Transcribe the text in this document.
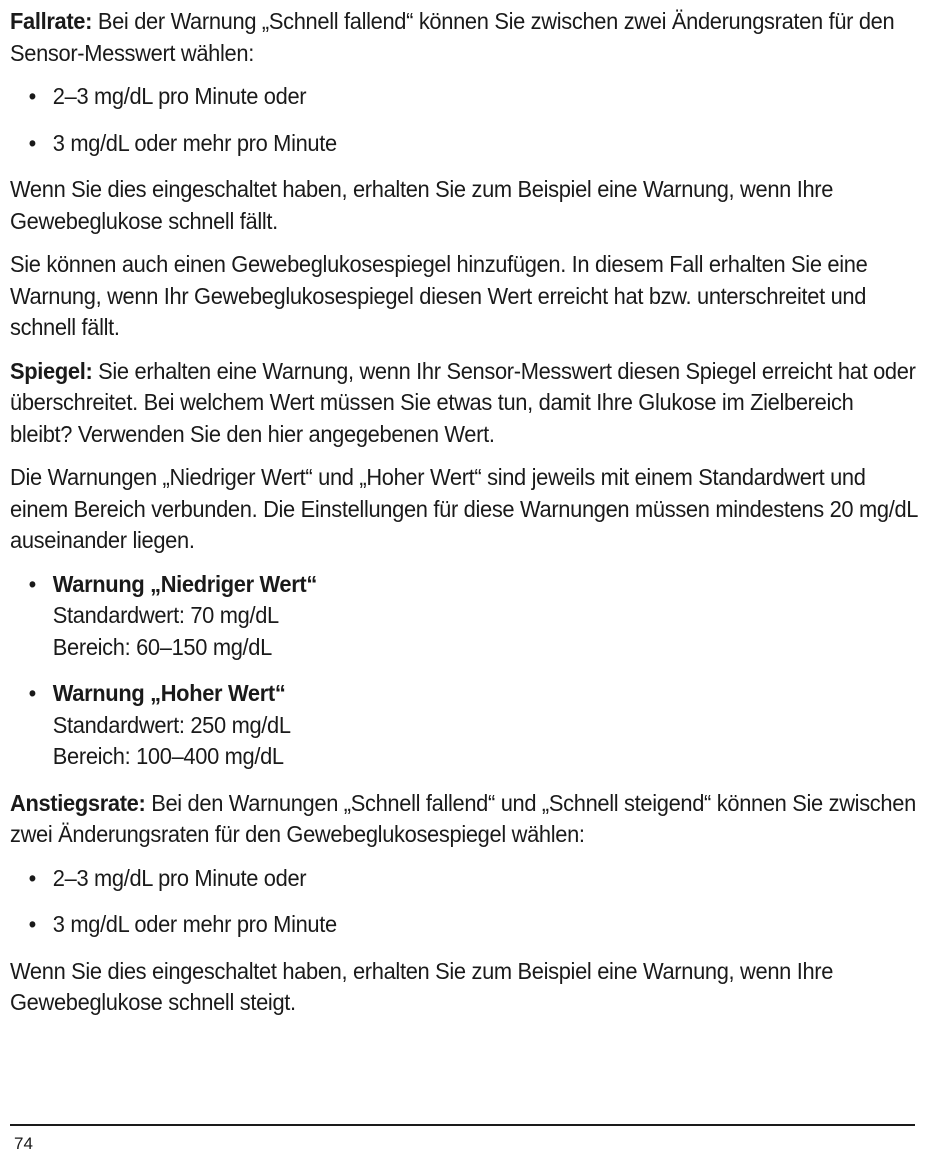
Fallrate: Bei der Warnung „Schnell fallend“ können Sie zwischen zwei Änderungsraten für den Sensor-Messwert wählen:

• 2–3 mg/dL pro Minute oder
• 3 mg/dL oder mehr pro Minute

Wenn Sie dies eingeschaltet haben, erhalten Sie zum Beispiel eine Warnung, wenn Ihre Gewebeglukose schnell fällt.

Sie können auch einen Gewebeglukosespiegel hinzufügen. In diesem Fall erhalten Sie eine Warnung, wenn Ihr Gewebeglukosespiegel diesen Wert erreicht hat bzw. unterschreitet und schnell fällt.

Spiegel: Sie erhalten eine Warnung, wenn Ihr Sensor-Messwert diesen Spiegel erreicht hat oder überschreitet. Bei welchem Wert müssen Sie etwas tun, damit Ihre Glukose im Zielbereich bleibt? Verwenden Sie den hier angegebenen Wert.

Die Warnungen „Niedriger Wert“ und „Hoher Wert“ sind jeweils mit einem Standardwert und einem Bereich verbunden. Die Einstellungen für diese Warnungen müssen mindestens 20 mg/dL auseinander liegen.

• Warnung „Niedriger Wert“
Standardwert: 70 mg/dL
Bereich: 60–150 mg/dL
• Warnung „Hoher Wert“
Standardwert: 250 mg/dL
Bereich: 100–400 mg/dL

Anstiegsrate: Bei den Warnungen „Schnell fallend“ und „Schnell steigend“ können Sie zwischen zwei Änderungsraten für den Gewebeglukosespiegel wählen:

• 2–3 mg/dL pro Minute oder
• 3 mg/dL oder mehr pro Minute

Wenn Sie dies eingeschaltet haben, erhalten Sie zum Beispiel eine Warnung, wenn Ihre Gewebeglukose schnell steigt.

74
